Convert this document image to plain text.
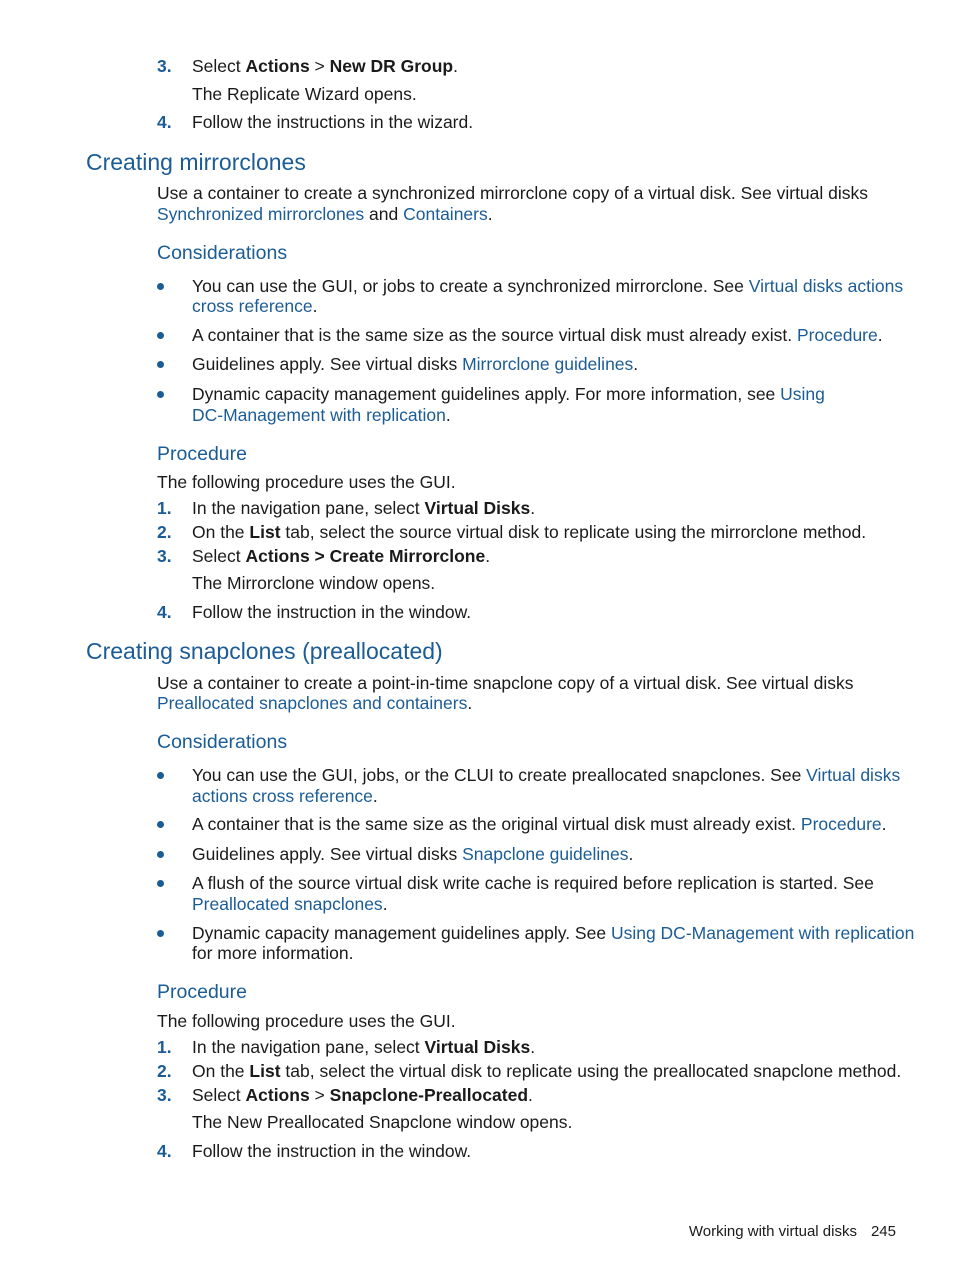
3. Select Actions > New DR Group.
The Replicate Wizard opens.
4. Follow the instructions in the wizard.
Creating mirrorclones
Use a container to create a synchronized mirrorclone copy of a virtual disk. See virtual disks
Synchronized mirrorclones and Containers.
Considerations
You can use the GUI, or jobs to create a synchronized mirrorclone. See Virtual disks actions
cross reference.
A container that is the same size as the source virtual disk must already exist. Procedure.
Guidelines apply. See virtual disks Mirrorclone guidelines.
Dynamic capacity management guidelines apply. For more information, see Using
DC-Management with replication.
Procedure
The following procedure uses the GUI.
1. In the navigation pane, select Virtual Disks.
2. On the List tab, select the source virtual disk to replicate using the mirrorclone method.
3. Select Actions > Create Mirrorclone.
The Mirrorclone window opens.
4. Follow the instruction in the window.
Creating snapclones (preallocated)
Use a container to create a point-in-time snapclone copy of a virtual disk. See virtual disks
Preallocated snapclones and containers.
Considerations
You can use the GUI, jobs, or the CLUI to create preallocated snapclones. See Virtual disks
actions cross reference.
A container that is the same size as the original virtual disk must already exist. Procedure.
Guidelines apply. See virtual disks Snapclone guidelines.
A flush of the source virtual disk write cache is required before replication is started. See
Preallocated snapclones.
Dynamic capacity management guidelines apply. See Using DC-Management with replication
for more information.
Procedure
The following procedure uses the GUI.
1. In the navigation pane, select Virtual Disks.
2. On the List tab, select the virtual disk to replicate using the preallocated snapclone method.
3. Select Actions > Snapclone-Preallocated.
The New Preallocated Snapclone window opens.
4. Follow the instruction in the window.
Working with virtual disks 245
